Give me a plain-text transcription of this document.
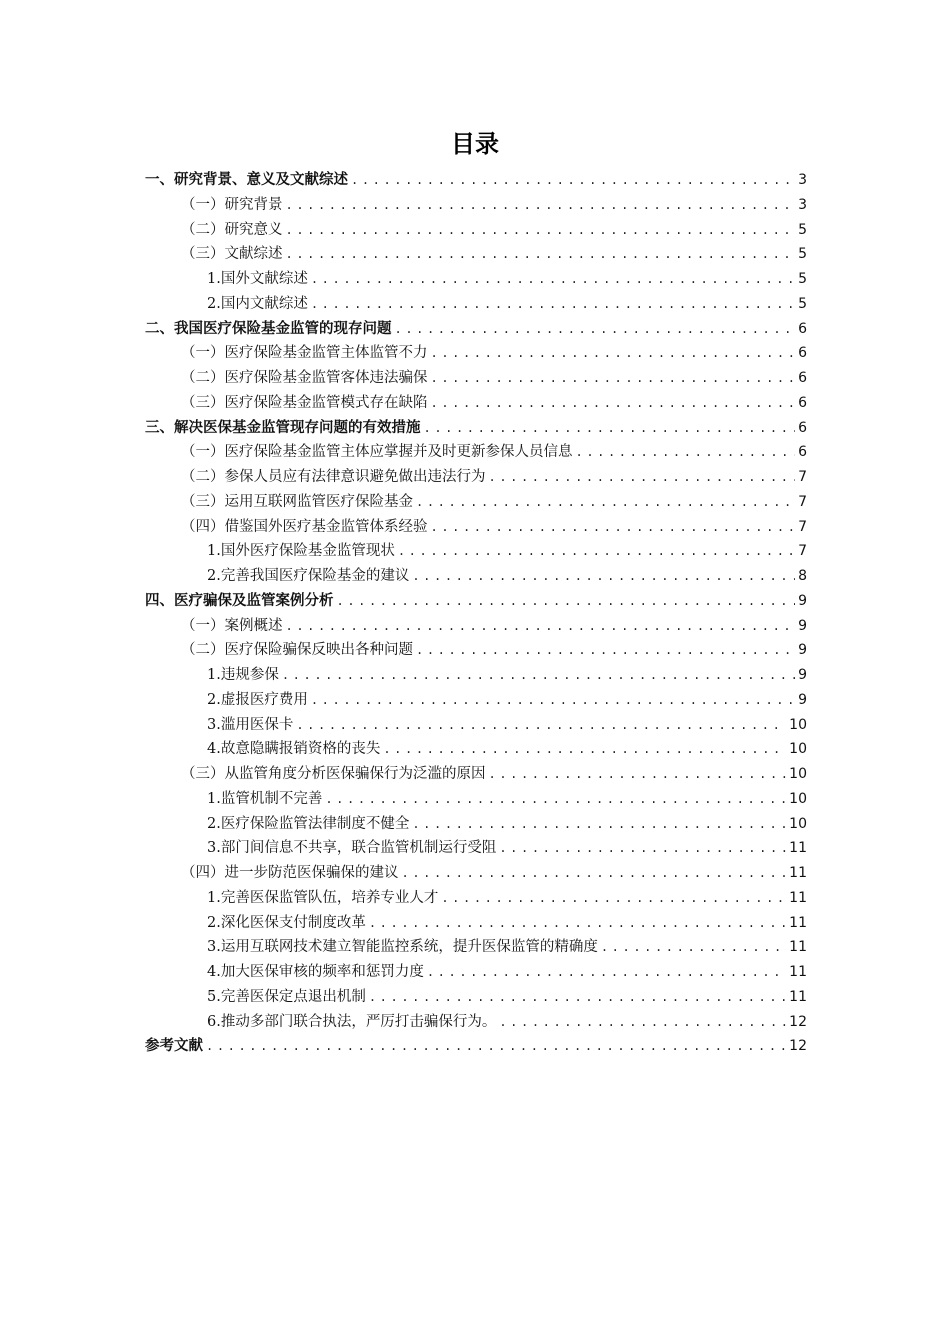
目录
一、研究背景、意义及文献综述 .....	3
（一）研究背景 .....	3
（二）研究意义 .....	5
（三）文献综述 .....	5
1.国外文献综述 .....	5
2.国内文献综述 .....	5
二、我国医疗保险基金监管的现存问题 .....	6
（一）医疗保险基金监管主体监管不力 .....	6
（二）医疗保险基金监管客体违法骗保 .....	6
（三）医疗保险基金监管模式存在缺陷 .....	6
三、解决医保基金监管现存问题的有效措施 .....	6
（一）医疗保险基金监管主体应掌握并及时更新参保人员信息 .....	6
（二）参保人员应有法律意识避免做出违法行为 .....	7
（三）运用互联网监管医疗保险基金 .....	7
（四）借鉴国外医疗基金监管体系经验 .....	7
1.国外医疗保险基金监管现状 .....	7
2.完善我国医疗保险基金的建议 .....	8
四、医疗骗保及监管案例分析 .....	9
（一）案例概述 .....	9
（二）医疗保险骗保反映出各种问题 .....	9
1.违规参保 .....	9
2.虚报医疗费用 .....	9
3.滥用医保卡 .....	10
4.故意隐瞒报销资格的丧失 .....	10
（三）从监管角度分析医保骗保行为泛滥的原因 .....	10
1.监管机制不完善 .....	10
2.医疗保险监管法律制度不健全 .....	10
3.部门间信息不共享，联合监管机制运行受阻 .....	11
（四）进一步防范医保骗保的建议 .....	11
1.完善医保监管队伍，培养专业人才 .....	11
2.深化医保支付制度改革 .....	11
3.运用互联网技术建立智能监控系统，提升医保监管的精确度 .....	11
4.加大医保审核的频率和惩罚力度 .....	11
5.完善医保定点退出机制 .....	11
6.推动多部门联合执法，严厉打击骗保行为。 .....	12
参考文献 .....	12
